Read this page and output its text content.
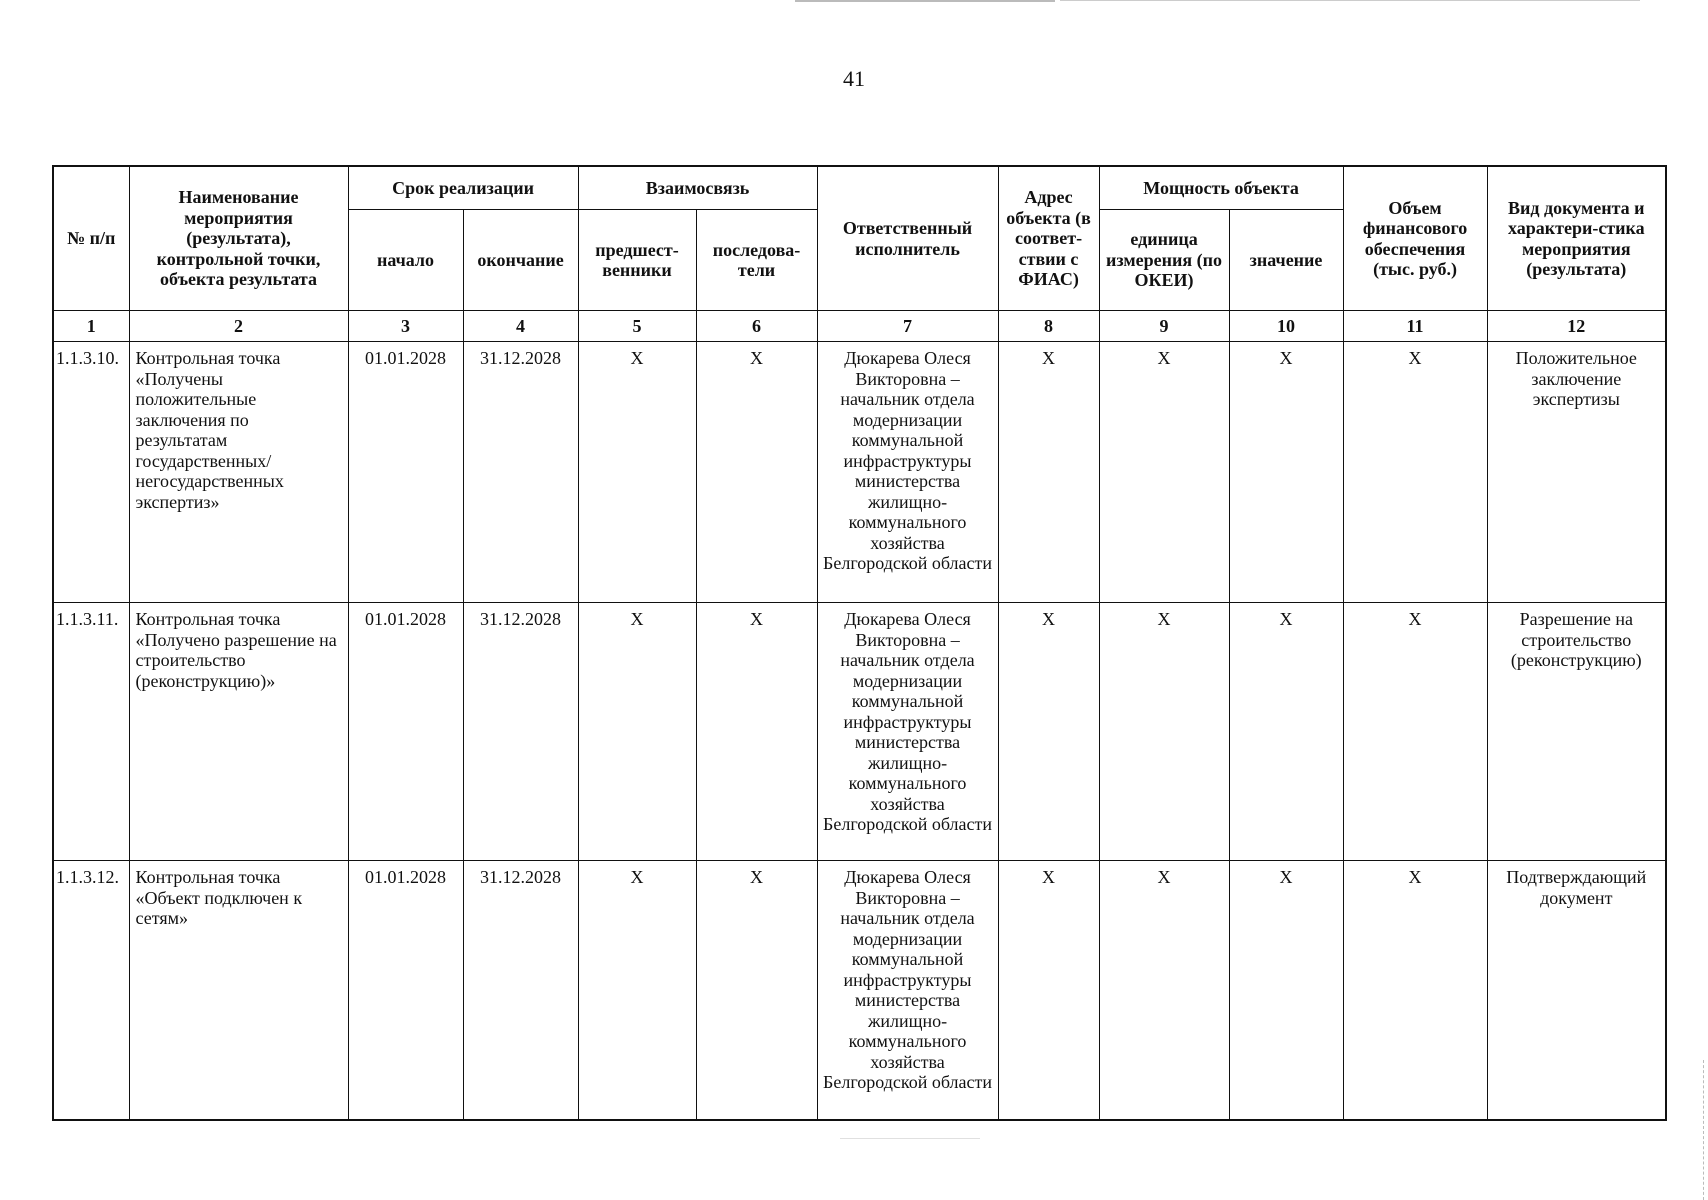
41
№ п/п	Наименование мероприятия (результата), контрольной точки, объекта результата	Срок реализации		Взаимосвязь		Ответственный исполнитель	Адрес объекта (в соответ-ствии с ФИАС)	Мощность объекта		Объем финансового обеспечения (тыс. руб.)	Вид документа и характери-стика мероприятия (результата)
		начало	окончание	предшест-венники	последова-тели			единица измерения (по ОКЕИ)	значение		
1	2	3	4	5	6	7	8	9	10	11	12
1.1.3.10.	Контрольная точка «Получены положительные заключения по результатам государственных/ негосударственных экспертиз»	01.01.2028	31.12.2028	X	X	Дюкарева Олеся Викторовна – начальник отдела модернизации коммунальной инфраструктуры министерства жилищно-коммунального хозяйства Белгородской области	X	X	X	X	Положительное заключение экспертизы
1.1.3.11.	Контрольная точка «Получено разрешение на строительство (реконструкцию)»	01.01.2028	31.12.2028	X	X	Дюкарева Олеся Викторовна – начальник отдела модернизации коммунальной инфраструктуры министерства жилищно-коммунального хозяйства Белгородской области	X	X	X	X	Разрешение на строительство (реконструкцию)
1.1.3.12.	Контрольная точка «Объект подключен к сетям»	01.01.2028	31.12.2028	X	X	Дюкарева Олеся Викторовна – начальник отдела модернизации коммунальной инфраструктуры министерства жилищно-коммунального хозяйства Белгородской области	X	X	X	X	Подтверждающий документ
